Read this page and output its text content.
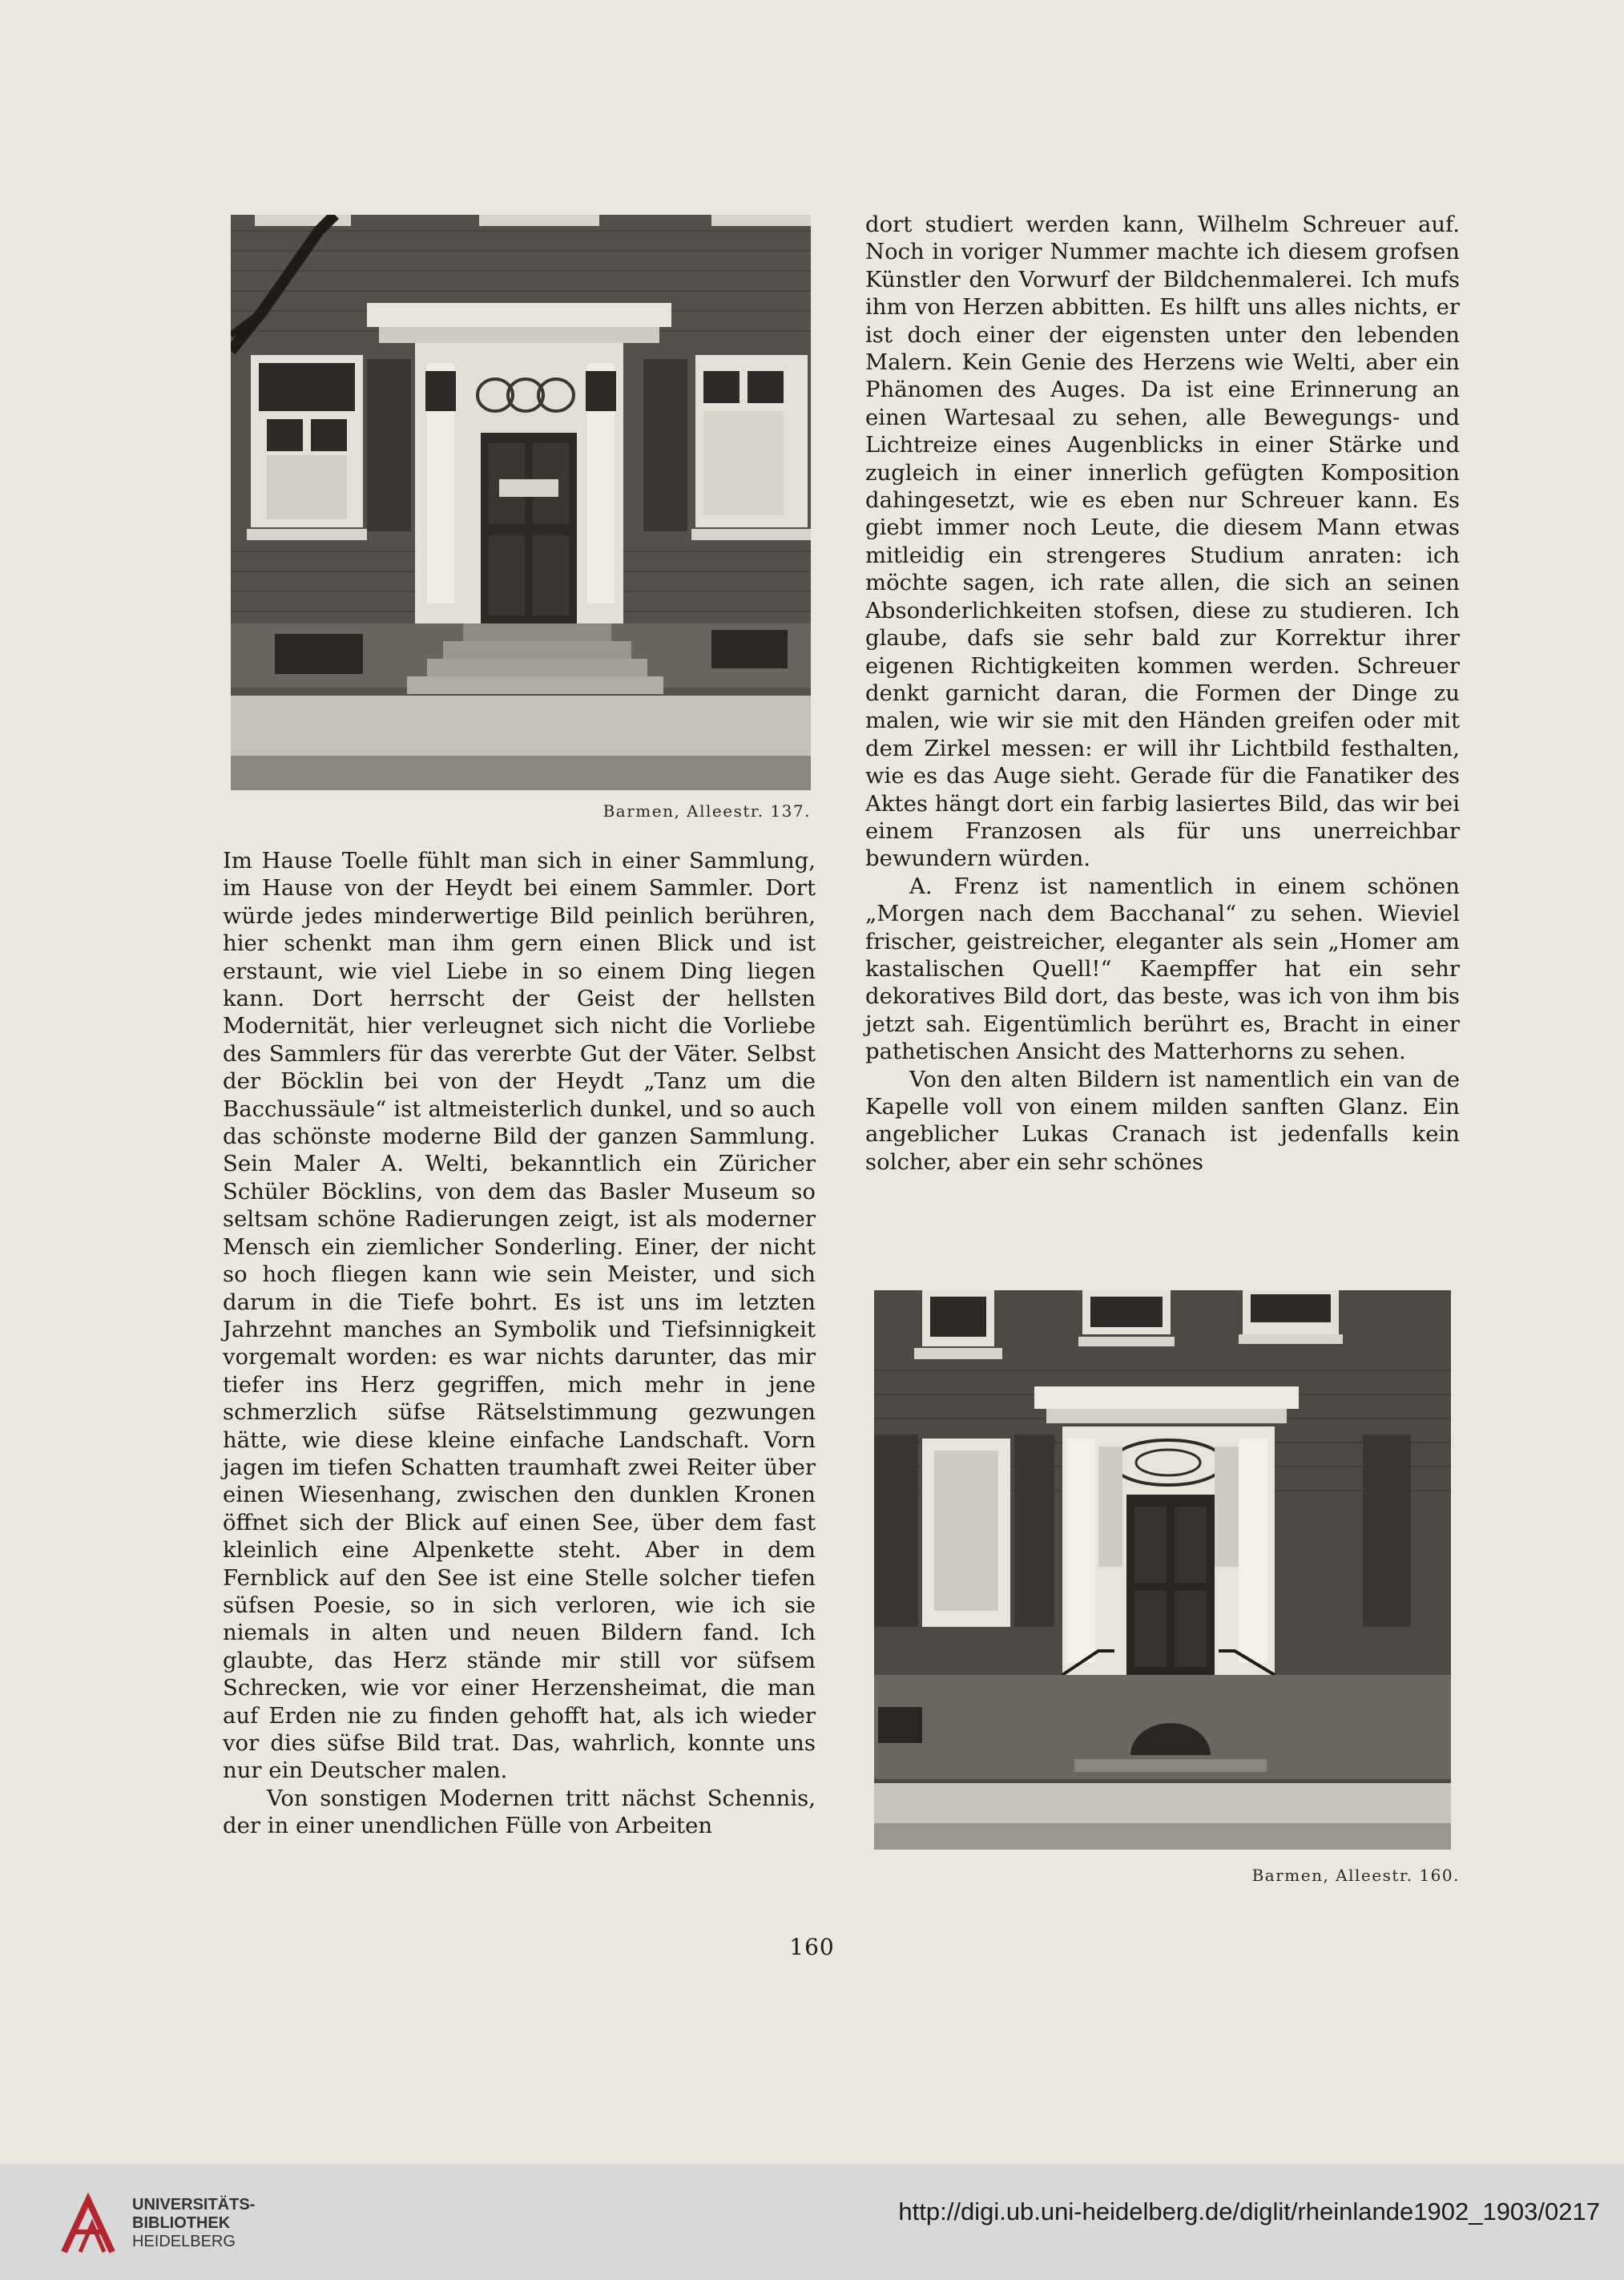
Barmen, Alleestr. 137.
Barmen, Alleestr. 160.

Im Hause Toelle fühlt man sich in einer Sammlung, im Hause von der Heydt bei einem Sammler. Dort würde jedes minderwertige Bild peinlich berühren, hier schenkt man ihm gern einen Blick und ist erstaunt, wie viel Liebe in so einem Ding liegen kann. Dort herrscht der Geist der hellsten Modernität, hier verleugnet sich nicht die Vorliebe des Sammlers für das vererbte Gut der Väter. Selbst der Böcklin bei von der Heydt „Tanz um die Bacchussäule“ ist altmeisterlich dunkel, und so auch das schönste moderne Bild der ganzen Sammlung. Sein Maler A. Welti, bekanntlich ein Züricher Schüler Böcklins, von dem das Basler Museum so seltsam schöne Radierungen zeigt, ist als moderner Mensch ein ziemlicher Sonderling. Einer, der nicht so hoch fliegen kann wie sein Meister, und sich darum in die Tiefe bohrt. Es ist uns im letzten Jahrzehnt manches an Symbolik und Tiefsinnigkeit vorgemalt worden: es war nichts darunter, das mir tiefer ins Herz gegriffen, mich mehr in jene schmerzlich süfse Rätselstimmung gezwungen hätte, wie diese kleine einfache Landschaft. Vorn jagen im tiefen Schatten traumhaft zwei Reiter über einen Wiesenhang, zwischen den dunklen Kronen öffnet sich der Blick auf einen See, über dem fast kleinlich eine Alpenkette steht. Aber in dem Fernblick auf den See ist eine Stelle solcher tiefen süfsen Poesie, so in sich verloren, wie ich sie niemals in alten und neuen Bildern fand. Ich glaubte, das Herz stände mir still vor süfsem Schrecken, wie vor einer Herzensheimat, die man auf Erden nie zu finden gehofft hat, als ich wieder vor dies süfse Bild trat. Das, wahrlich, konnte uns nur ein Deutscher malen.

Von sonstigen Modernen tritt nächst Schennis, der in einer unendlichen Fülle von Arbeiten

dort studiert werden kann, Wilhelm Schreuer auf. Noch in voriger Nummer machte ich diesem grofsen Künstler den Vorwurf der Bildchenmalerei. Ich mufs ihm von Herzen abbitten. Es hilft uns alles nichts, er ist doch einer der eigensten unter den lebenden Malern. Kein Genie des Herzens wie Welti, aber ein Phänomen des Auges. Da ist eine Erinnerung an einen Wartesaal zu sehen, alle Bewegungs- und Lichtreize eines Augenblicks in einer Stärke und zugleich in einer innerlich gefügten Komposition dahingesetzt, wie es eben nur Schreuer kann. Es giebt immer noch Leute, die diesem Mann etwas mitleidig ein strengeres Studium anraten: ich möchte sagen, ich rate allen, die sich an seinen Absonderlichkeiten stofsen, diese zu studieren. Ich glaube, dafs sie sehr bald zur Korrektur ihrer eigenen Richtigkeiten kommen werden. Schreuer denkt garnicht daran, die Formen der Dinge zu malen, wie wir sie mit den Händen greifen oder mit dem Zirkel messen: er will ihr Lichtbild festhalten, wie es das Auge sieht. Gerade für die Fanatiker des Aktes hängt dort ein farbig lasiertes Bild, das wir bei einem Franzosen als für uns unerreichbar bewundern würden.

A. Frenz ist namentlich in einem schönen „Morgen nach dem Bacchanal“ zu sehen. Wieviel frischer, geistreicher, eleganter als sein „Homer am kastalischen Quell!“ Kaempffer hat ein sehr dekoratives Bild dort, das beste, was ich von ihm bis jetzt sah. Eigentümlich berührt es, Bracht in einer pathetischen Ansicht des Matterhorns zu sehen.

Von den alten Bildern ist namentlich ein van de Kapelle voll von einem milden sanften Glanz. Ein angeblicher Lukas Cranach ist jedenfalls kein solcher, aber ein sehr schönes

160
UNIVERSITÄTS-
BIBLIOTHEK
HEIDELBERG
http://digi.ub.uni-heidelberg.de/diglit/rheinlande1902_1903/0217
